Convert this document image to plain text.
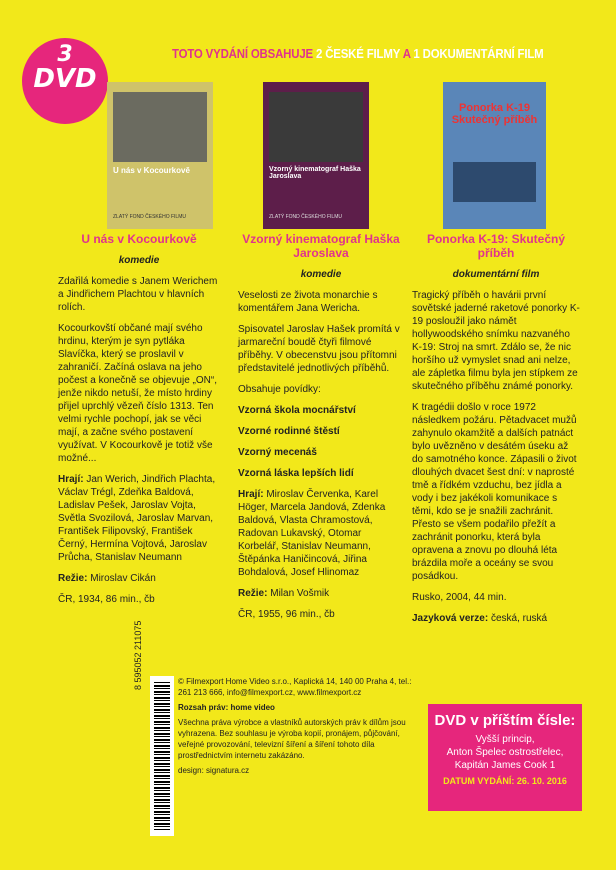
3
DVD
TOTO VYDÁNÍ OBSAHUJE 2 ČESKÉ FILMY A 1 DOKUMENTÁRNÍ FILM
U nás v Kocourkově
ZLATÝ FOND ČESKÉHO FILMU
Vzorný kinematograf Haška Jaroslava
ZLATÝ FOND ČESKÉHO FILMU
Ponorka K-19 Skutečný příběh

U nás v Kocourkově

komedie

Zdařilá komedie s Janem Werichem a Jindřichem Plachtou v hlavních rolích.

Kocourkovští občané mají svého hrdinu, kterým je syn pytláka Slavíčka, který se proslavil v zahraničí. Začíná oslava na jeho počest a konečně se objevuje „ON“, jenže nikdo netuší, že místo hrdiny přijel uprchlý vězeň číslo 1313. Ten velmi rychle pochopí, jak se věci mají, a začne svého postavení využívat. V Kocourkově je totiž vše možné...

Hrají: Jan Werich, Jindřich Plachta, Václav Trégl, Zdeňka Baldová, Ladislav Pešek, Jaroslav Vojta, Světla Svozilová, Jaroslav Marvan, František Filipovský, František Černý, Hermína Vojtová, Jaroslav Průcha, Stanislav Neumann

Režie: Miroslav Cikán

ČR, 1934, 86 min., čb

Vzorný kinematograf Haška Jaroslava

komedie

Veselosti ze života monarchie s komentářem Jana Wericha.

Spisovatel Jaroslav Hašek promítá v jarmareční boudě čtyři filmové příběhy. V obecenstvu jsou přítomni představitelé jednotlivých příběhů.

Obsahuje povídky:

Vzorná škola mocnářství

Vzorné rodinné štěstí

Vzorný mecenáš

Vzorná láska lepších lidí

Hrají: Miroslav Červenka, Karel Höger, Marcela Jandová, Zdenka Baldová, Vlasta Chramostová, Radovan Lukavský, Otomar Korbelář, Stanislav Neumann, Štěpánka Haničincová, Jiřina Bohdalová, Josef Hlinomaz

Režie: Milan Vošmik

ČR, 1955, 96 min., čb

Ponorka K-19: Skutečný příběh

dokumentární film

Tragický příběh o havárii první sovětské jaderné raketové ponorky K-19 posloužil jako námět hollywoodského snímku nazvaného K-19: Stroj na smrt. Zdálo se, že nic horšího už vymyslet snad ani nelze, ale zápletka filmu byla jen stípkem ze skutečného příběhu známé ponorky.

K tragédii došlo v roce 1972 následkem požáru. Pětadvacet mužů zahynulo okamžitě a dalších patnáct bylo uvězněno v desátém úseku až do samotného konce. Zápasili o život dlouhých dvacet šest dní: v naprosté tmě a řídkém vzduchu, bez jídla a vody i bez jakékoli komunikace s těmi, kdo se je snažili zachránit. Přesto se všem podařilo přežít a zachránit ponorku, která byla opravena a znovu po dlouhá léta brázdila moře a oceány se svou posádkou.

Rusko, 2004, 44 min.

Jazyková verze: česká, ruská

8 595052 211075	© Filmexport Home Video s.r.o., Kaplická 14, 140 00 Praha 4, tel.: 261 213 666, info@filmexport.cz, www.filmexport.cz

Rozsah práv: home video

Všechna práva výrobce a vlastníků autorských práv k dílům jsou vyhrazena. Bez souhlasu je výroba kopií, pronájem, půjčování, veřejné provozování, televizní šíření a šíření tohoto díla prostřednictvím internetu zakázáno.

design: signatura.cz

DVD v příštím čísle:
Vyšší princip,
Anton Špelec ostrostřelec,
Kapitán James Cook 1
DATUM VYDÁNÍ: 26. 10. 2016
